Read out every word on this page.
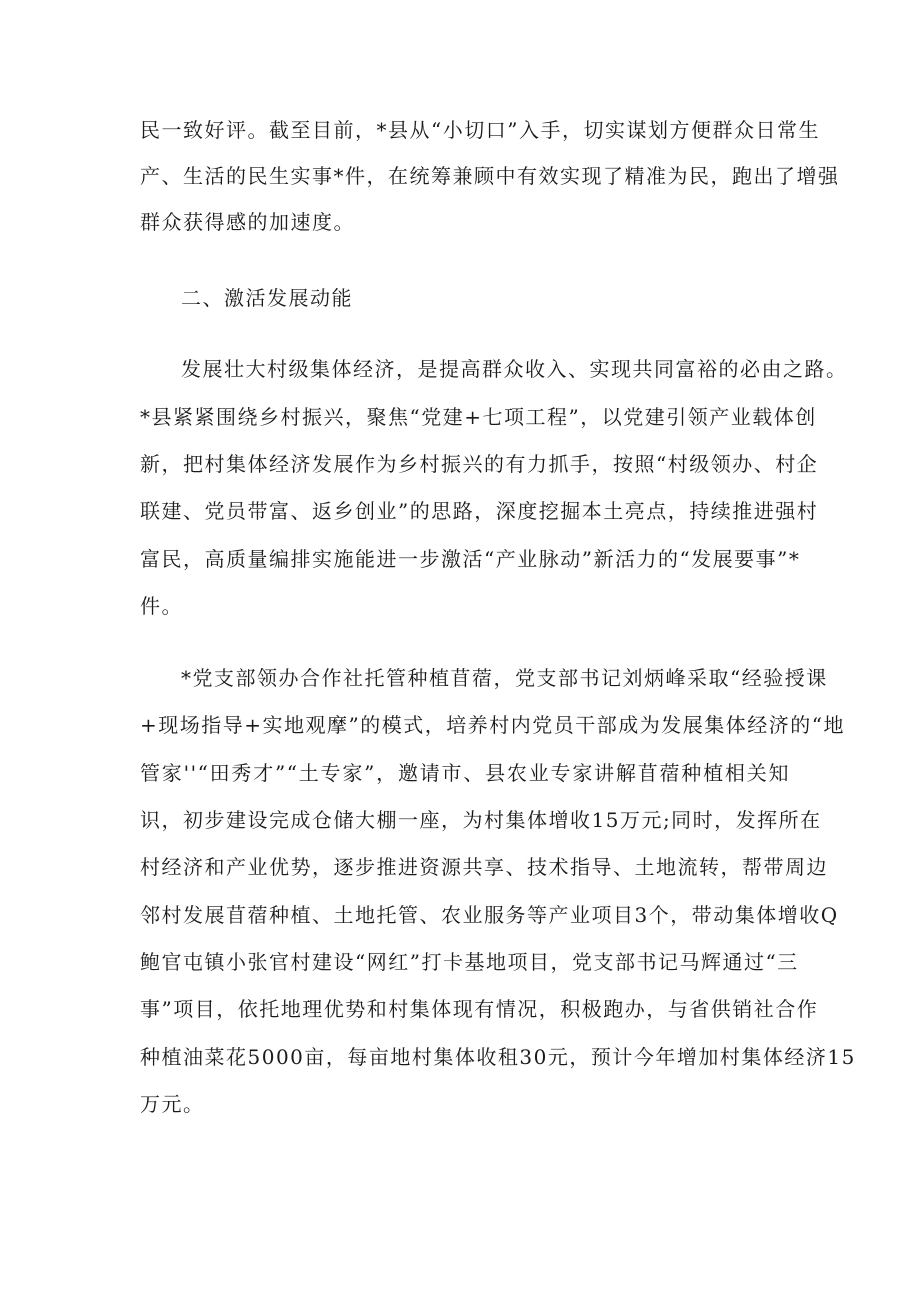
民一致好评。截至目前，*县从“小切口”入手，切实谋划方便群众日常生
产、生活的民生实事*件，在统筹兼顾中有效实现了精准为民，跑出了增强
群众获得感的加速度。
二、激活发展动能
发展壮大村级集体经济，是提高群众收入、实现共同富裕的必由之路。
*县紧紧围绕乡村振兴，聚焦“党建+七项工程”，以党建引领产业载体创
新，把村集体经济发展作为乡村振兴的有力抓手，按照“村级领办、村企
联建、党员带富、返乡创业”的思路，深度挖掘本土亮点，持续推进强村
富民，高质量编排实施能进一步激活“产业脉动”新活力的“发展要事”*
件。
*党支部领办合作社托管种植苜蓿，党支部书记刘炳峰采取“经验授课
+现场指导+实地观摩”的模式，培养村内党员干部成为发展集体经济的“地
管家''“田秀才”“土专家”，邀请市、县农业专家讲解苜蓿种植相关知
识，初步建设完成仓储大棚一座，为村集体增收15万元;同时，发挥所在
村经济和产业优势，逐步推进资源共享、技术指导、土地流转，帮带周边
邻村发展苜蓿种植、土地托管、农业服务等产业项目3个，带动集体增收Q
鲍官屯镇小张官村建设“网红”打卡基地项目，党支部书记马辉通过“三
事”项目，依托地理优势和村集体现有情况，积极跑办，与省供销社合作
种植油菜花5000亩，每亩地村集体收租30元，预计今年增加村集体经济15
万元。
